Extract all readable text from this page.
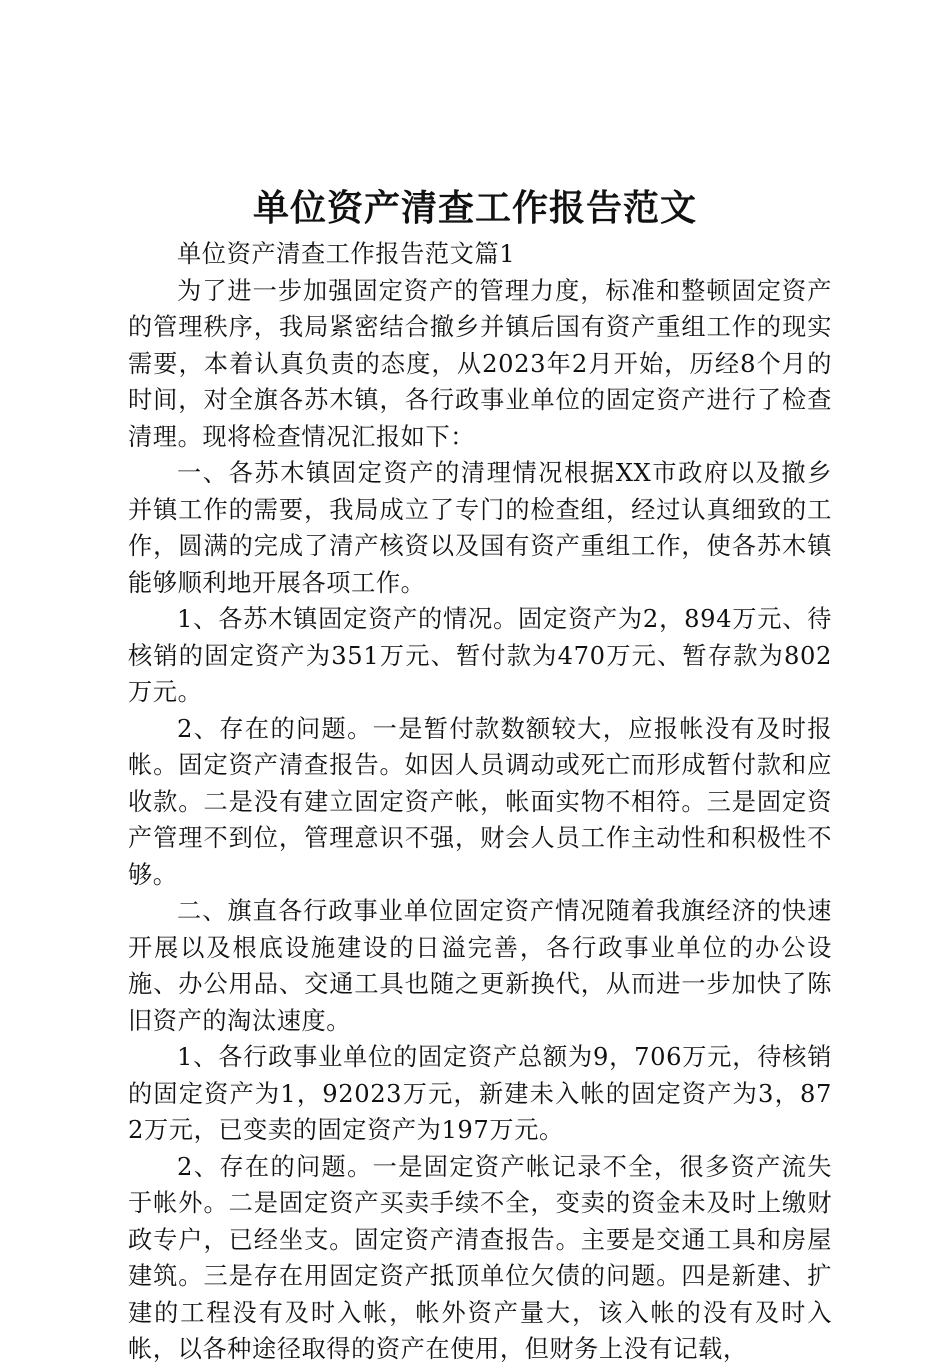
单位资产清查工作报告范文

单位资产清查工作报告范文篇1

为了进一步加强固定资产的管理力度，标准和整顿固定资产的管理秩序，我局紧密结合撤乡并镇后国有资产重组工作的现实需要，本着认真负责的态度，从2023年2月开始，历经8个月的时间，对全旗各苏木镇，各行政事业单位的固定资产进行了检查清理。现将检查情况汇报如下：

一、各苏木镇固定资产的清理情况根据XX市政府以及撤乡并镇工作的需要，我局成立了专门的检查组，经过认真细致的工作，圆满的完成了清产核资以及国有资产重组工作，使各苏木镇能够顺利地开展各项工作。

1、各苏木镇固定资产的情况。固定资产为2，894万元、待核销的固定资产为351万元、暂付款为470万元、暂存款为802万元。

2、存在的问题。一是暂付款数额较大，应报帐没有及时报帐。固定资产清查报告。如因人员调动或死亡而形成暂付款和应收款。二是没有建立固定资产帐，帐面实物不相符。三是固定资产管理不到位，管理意识不强，财会人员工作主动性和积极性不够。

二、旗直各行政事业单位固定资产情况随着我旗经济的快速开展以及根底设施建设的日溢完善，各行政事业单位的办公设施、办公用品、交通工具也随之更新换代，从而进一步加快了陈旧资产的淘汰速度。

1、各行政事业单位的固定资产总额为9，706万元，待核销的固定资产为1，92023万元，新建未入帐的固定资产为3，872万元，已变卖的固定资产为197万元。

2、存在的问题。一是固定资产帐记录不全，很多资产流失于帐外。二是固定资产买卖手续不全，变卖的资金未及时上缴财政专户，已经坐支。固定资产清查报告。主要是交通工具和房屋建筑。三是存在用固定资产抵顶单位欠债的问题。四是新建、扩建的工程没有及时入帐，帐外资产量大，该入帐的没有及时入帐，以各种途径取得的资产在使用，但财务上没有记载，
